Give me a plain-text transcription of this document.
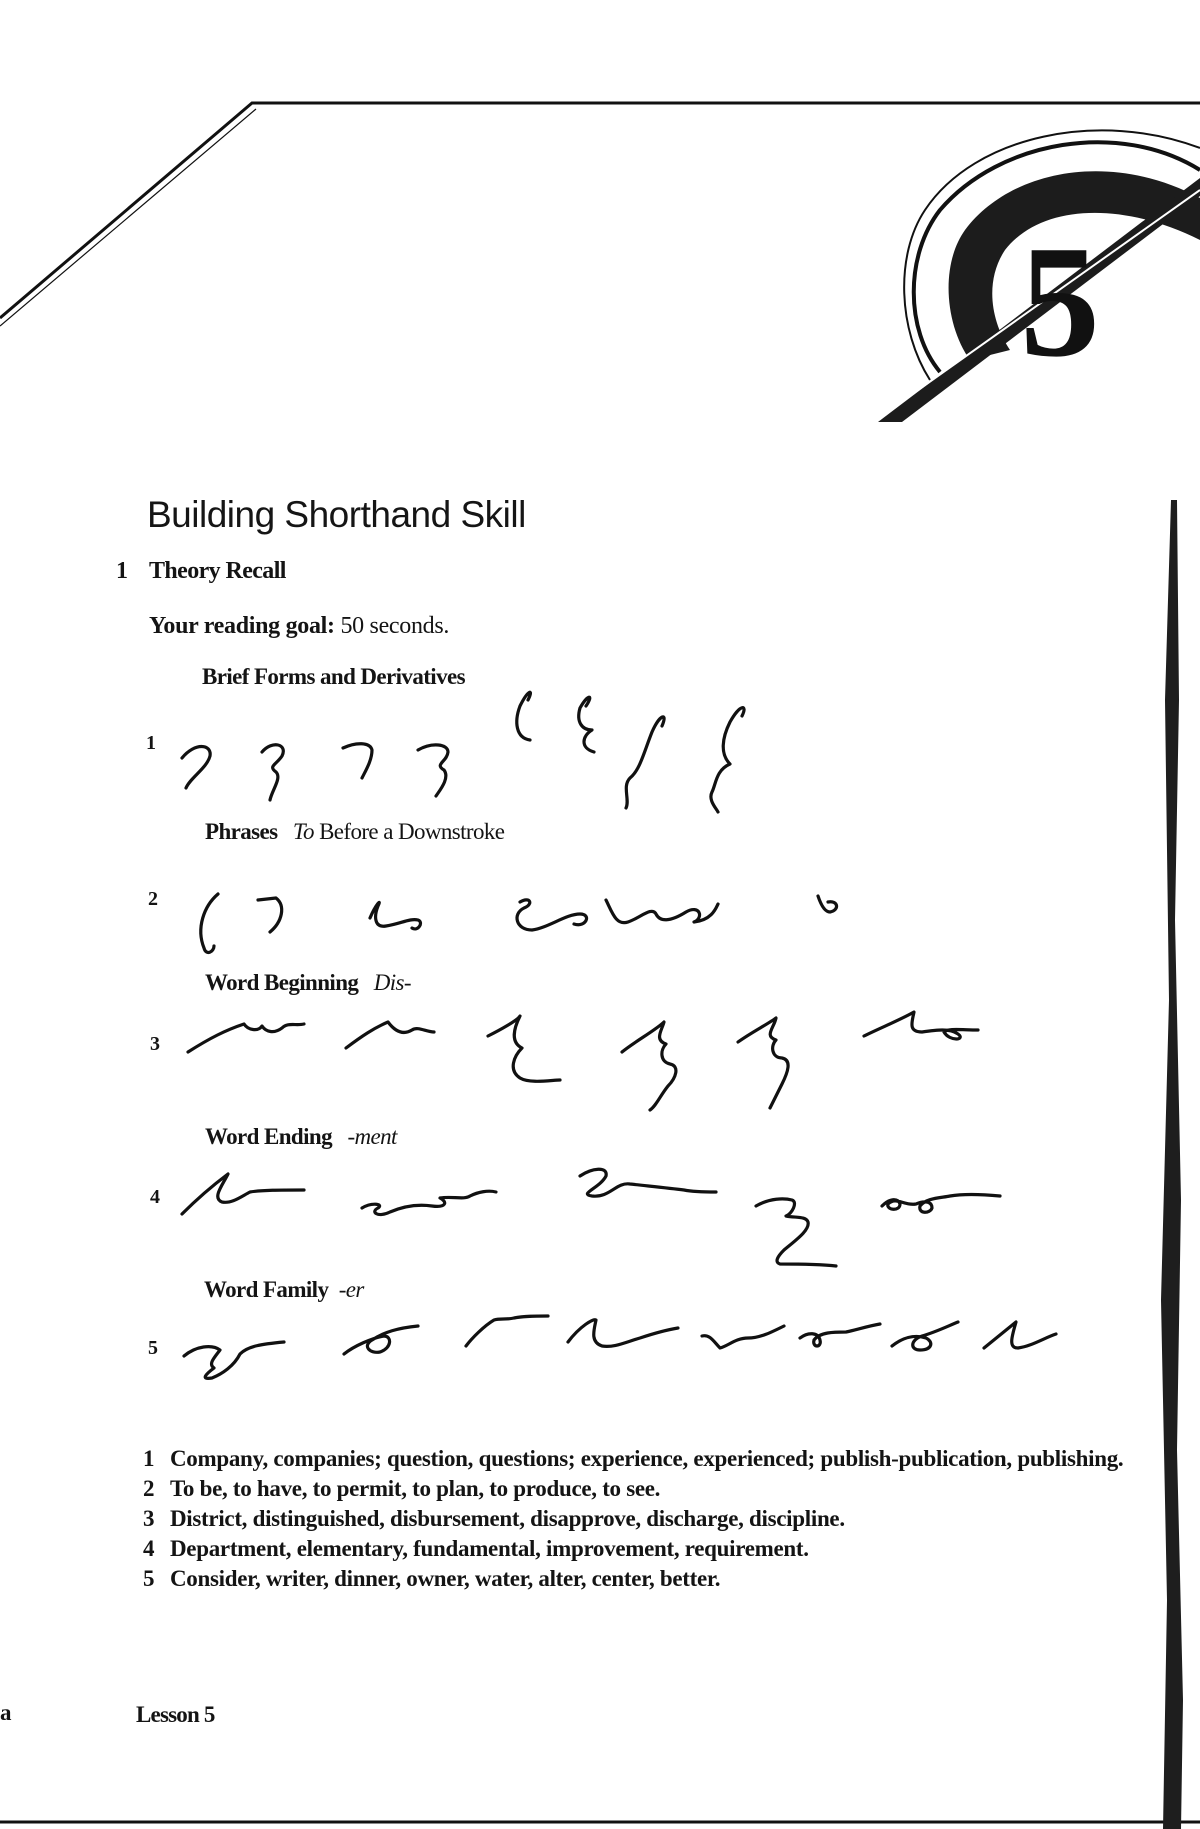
5
Building Shorthand Skill
1 Theory Recall
Your reading goal: 50 seconds.
Brief Forms and Derivatives
1
Phrases To Before a Downstroke
2
Word Beginning Dis-
3
Word Ending -ment
4
Word Family -er
5
1 Company, companies; question, questions; experience, experienced; publish-publication, publishing.
2 To be, to have, to permit, to plan, to produce, to see.
3 District, distinguished, disbursement, disapprove, discharge, discipline.
4 Department, elementary, fundamental, improvement, requirement.
5 Consider, writer, dinner, owner, water, alter, center, better.
a	Lesson 5
